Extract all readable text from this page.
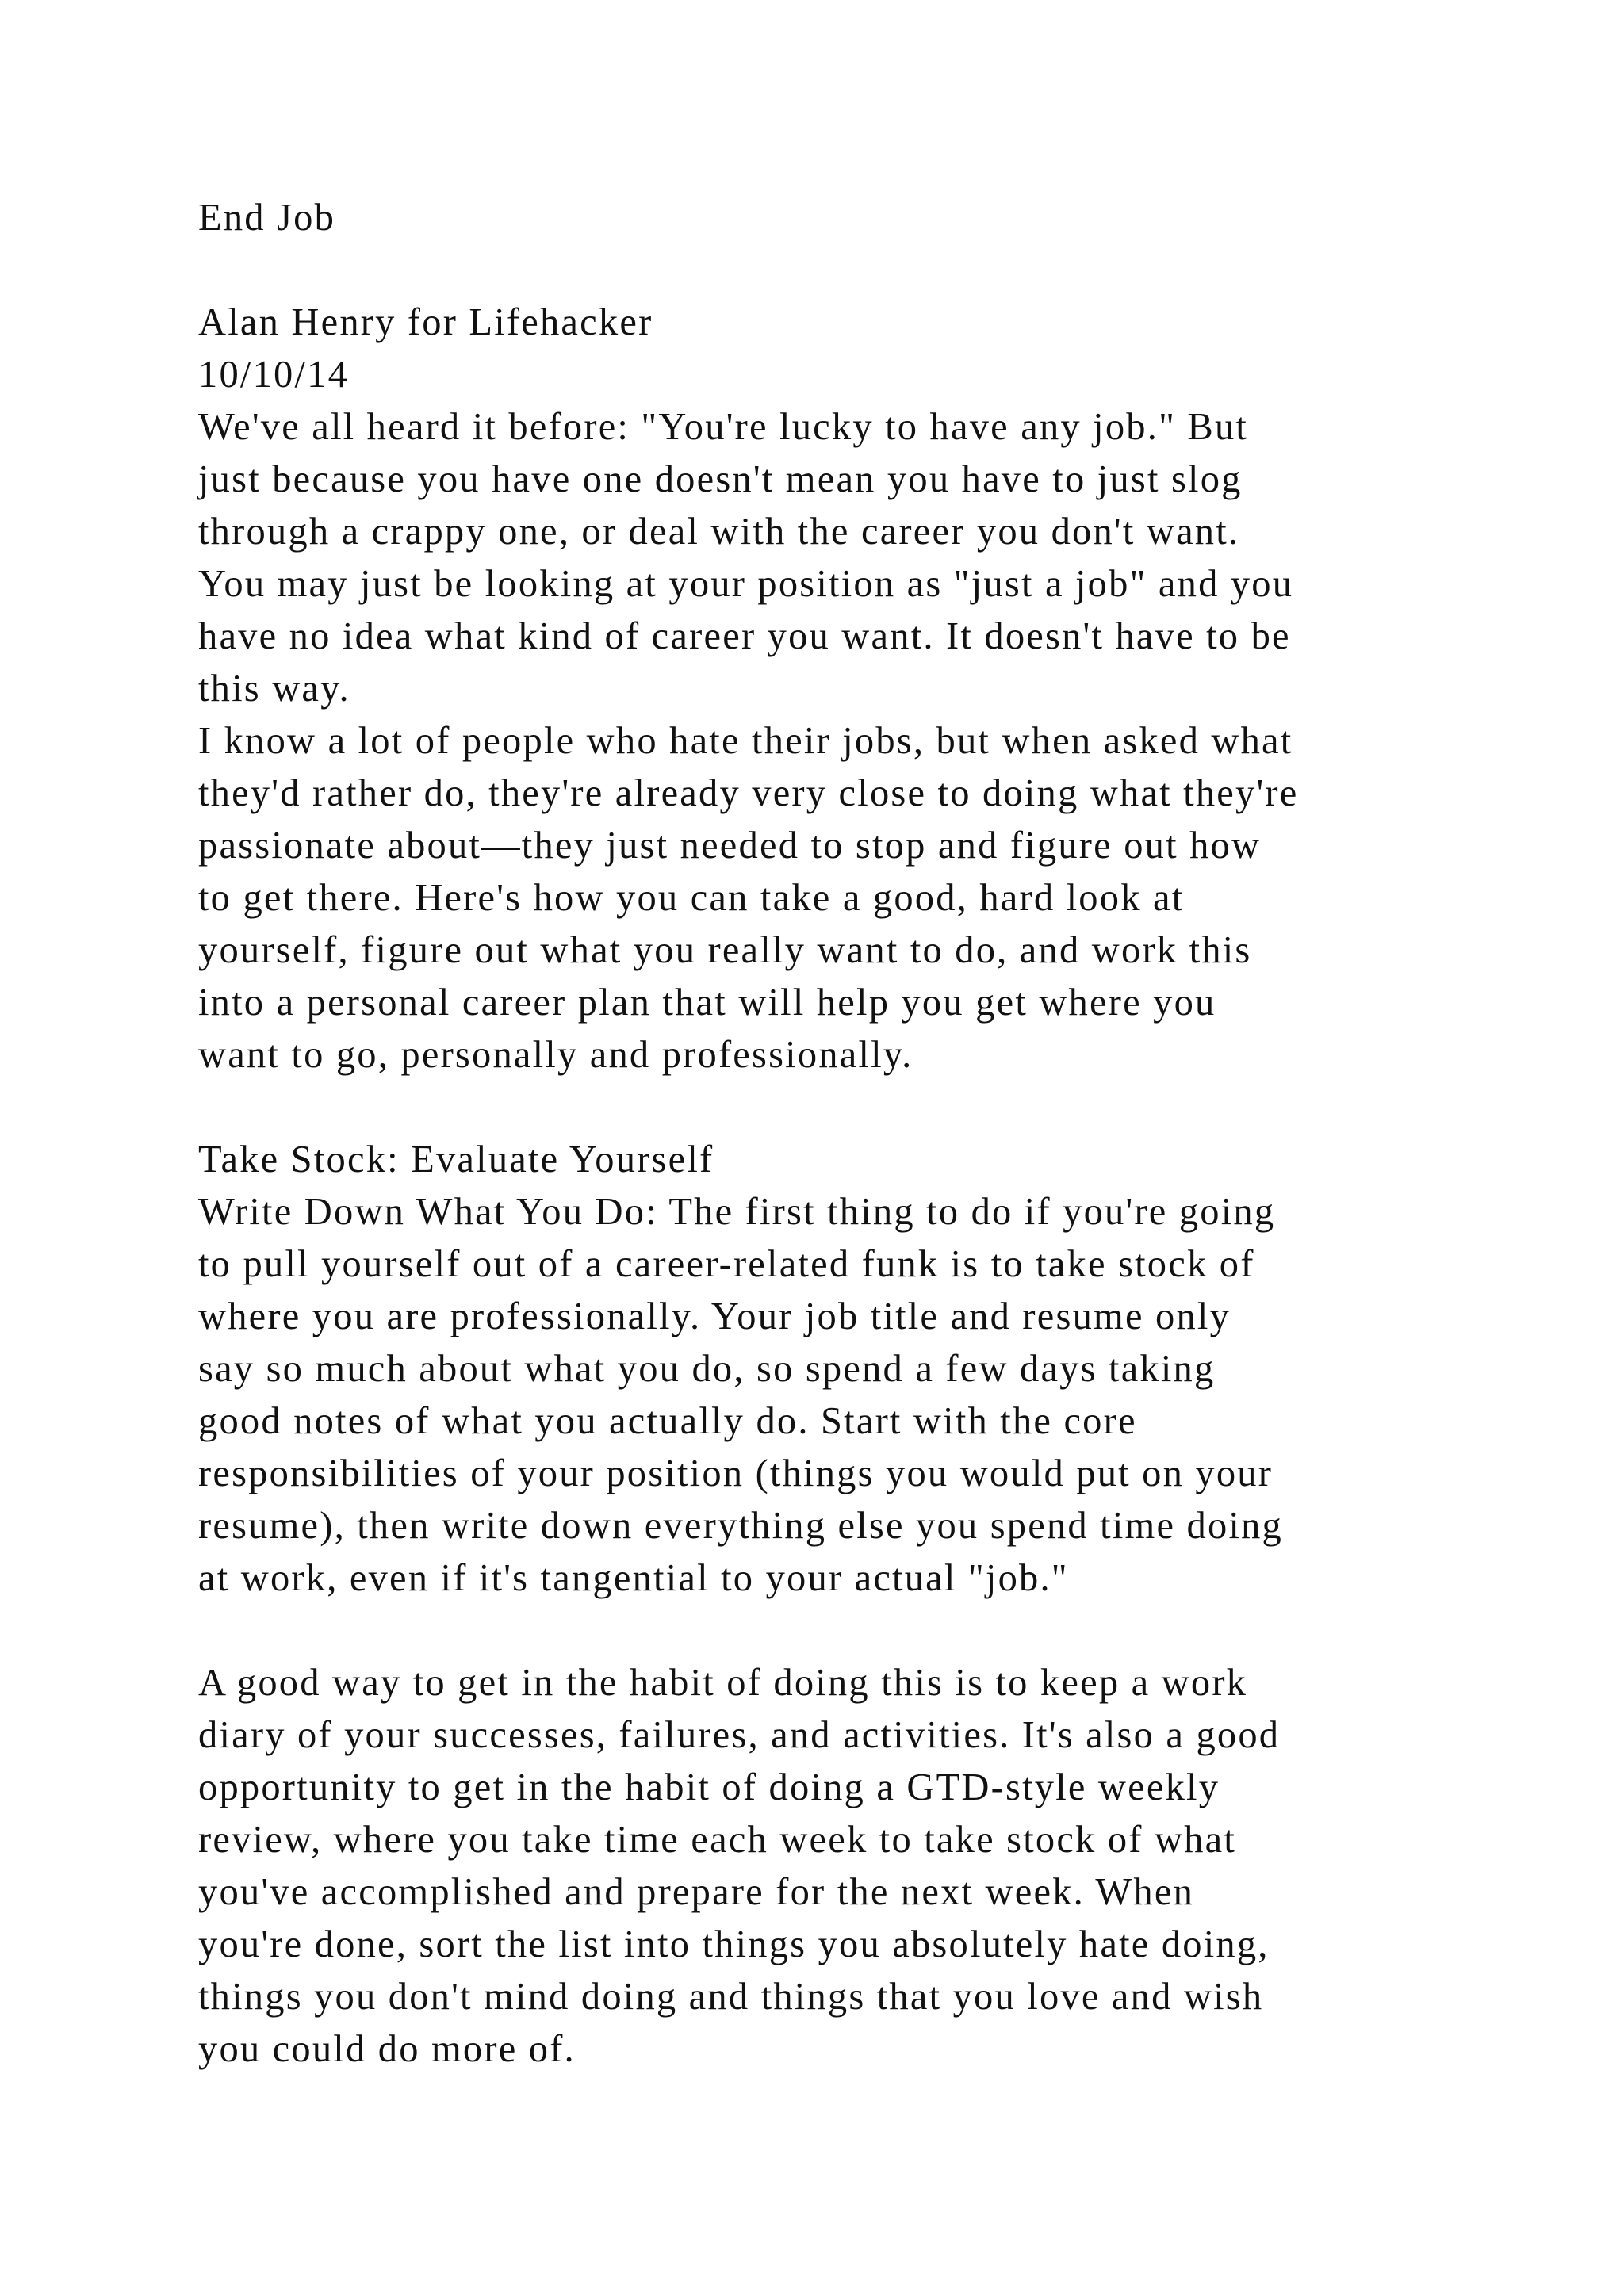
End Job
Alan Henry for Lifehacker
10/10/14
We've all heard it before: "You're lucky to have any job." But
just because you have one doesn't mean you have to just slog
through a crappy one, or deal with the career you don't want.
You may just be looking at your position as "just a job" and you
have no idea what kind of career you want. It doesn't have to be
this way.
I know a lot of people who hate their jobs, but when asked what
they'd rather do, they're already very close to doing what they're
passionate about—they just needed to stop and figure out how
to get there. Here's how you can take a good, hard look at
yourself, figure out what you really want to do, and work this
into a personal career plan that will help you get where you
want to go, personally and professionally.
Take Stock: Evaluate Yourself
Write Down What You Do: The first thing to do if you're going
to pull yourself out of a career-related funk is to take stock of
where you are professionally. Your job title and resume only
say so much about what you do, so spend a few days taking
good notes of what you actually do. Start with the core
responsibilities of your position (things you would put on your
resume), then write down everything else you spend time doing
at work, even if it's tangential to your actual "job."
A good way to get in the habit of doing this is to keep a work
diary of your successes, failures, and activities. It's also a good
opportunity to get in the habit of doing a GTD-style weekly
review, where you take time each week to take stock of what
you've accomplished and prepare for the next week. When
you're done, sort the list into things you absolutely hate doing,
things you don't mind doing and things that you love and wish
you could do more of.
